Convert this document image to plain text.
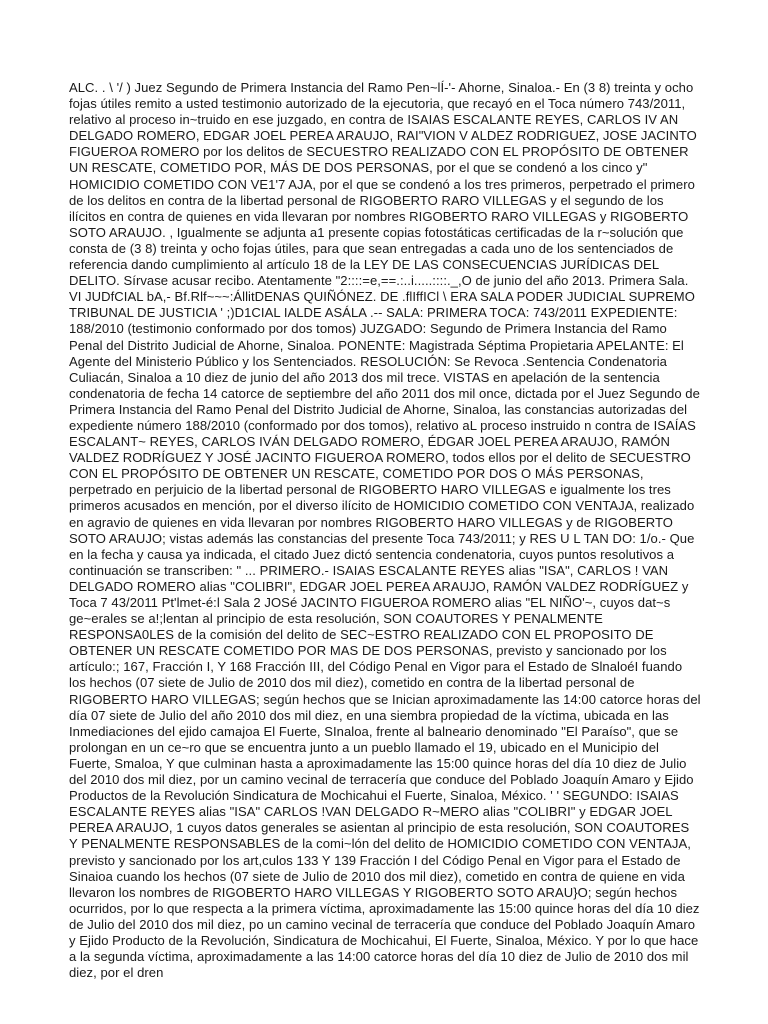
ALC. . \ '/ ) Juez Segundo de Primera Instancia del Ramo Pen~lÍ-'- Ahorne, Sinaloa.- En (3 8) treinta y ocho fojas útiles remito a usted testimonio autorizado de la ejecutoria, que recayó en el Toca número 743/2011, relativo al proceso in~truido en ese juzgado, en contra de ISAIAS ESCALANTE REYES, CARLOS IV AN DELGADO ROMERO, EDGAR JOEL PEREA ARAUJO, RAI"VION V ALDEZ RODRIGUEZ, JOSE JACINTO FIGUEROA ROMERO por los delitos de SECUESTRO REALIZADO CON EL PROPÓSITO DE OBTENER UN RESCATE, COMETIDO POR, MÁS DE DOS PERSONAS, por el que se condenó a los cinco y" HOMICIDIO COMETIDO CON VE1'7 AJA, por el que se condenó a los tres primeros, perpetrado el primero de los delitos en contra de la libertad personal de RIGOBERTO RARO VILLEGAS y el segundo de los ilícitos en contra de quienes en vida llevaran por nombres RIGOBERTO RARO VILLEGAS y RIGOBERTO SOTO ARAUJO. , Igualmente se adjunta a1 presente copias fotostáticas certificadas de la r~solución que consta de (3 8) treinta y ocho fojas útiles, para que sean entregadas a cada uno de los sentenciados de referencia dando cumplimiento al artículo 18 de la LEY DE LAS CONSECUENCIAS JURÍDICAS DEL DELITO. Sírvase acusar recibo. Atentamente "2::::=e,==.:..i.....::::._,O de junio del año 2013. Primera Sala. VI JUDfCIAL bA,- Bf.Rlf~~~:ÁllitDENAS QUIÑÓNEZ. DE .flIffICl \ ERA SALA PODER JUDICIAL SUPREMO TRIBUNAL DE JUSTICIA ' ;)D1CIAL IALDE ASÁLA .-- SALA: PRIMERA TOCA: 743/2011 EXPEDIENTE: 188/2010 (testimonio conformado por dos tomos) JUZGADO: Segundo de Primera Instancia del Ramo Penal del Distrito Judicial de Ahorne, Sinaloa. PONENTE: Magistrada Séptima Propietaria APELANTE: El Agente del Ministerio Público y los Sentenciados. RESOLUCIÓN: Se Revoca .Sentencia Condenatoria Culiacán, Sinaloa a 10 diez de junio del año 2013 dos mil trece. VISTAS en apelación de la sentencia condenatoria de fecha 14 catorce de septiembre del año 2011 dos mil once, dictada por el Juez Segundo de Primera Instancia del Ramo Penal del Distrito Judicial de Ahorne, Sinaloa, las constancias autorizadas del expediente número 188/2010 (conformado por dos tomos), relativo aL proceso instruido n contra de ISAÍAS ESCALANT~ REYES, CARLOS IVÁN DELGADO ROMERO, ÉDGAR JOEL PEREA ARAUJO, RAMÓN VALDEZ RODRÍGUEZ Y JOSÉ JACINTO FIGUEROA ROMERO, todos ellos por el delito de SECUESTRO CON EL PROPÓSITO DE OBTENER UN RESCATE, COMETIDO POR DOS O MÁS PERSONAS, perpetrado en perjuicio de la libertad personal de RIGOBERTO HARO VILLEGAS e igualmente los tres primeros acusados en mención, por el diverso ilícito de HOMICIDIO COMETIDO CON VENTAJA, realizado en agravio de quienes en vida llevaran por nombres RIGOBERTO HARO VILLEGAS y de RIGOBERTO SOTO ARAUJO; vistas además las constancias del presente Toca 743/2011; y RES U L TAN DO: 1/o.- Que en la fecha y causa ya indicada, el citado Juez dictó sentencia condenatoria, cuyos puntos resolutivos a continuación se transcriben: " ... PRIMERO.- ISAIAS ESCALANTE REYES alias "ISA", CARLOS ! VAN DELGADO ROMERO alias "COLIBRI", EDGAR JOEL PEREA ARAUJO, RAMÓN VALDEZ RODRÍGUEZ y Toca 7 43/2011 Pt'lmet-é:l Sala 2 JOSé JACINTO FIGUEROA ROMERO alias "EL NIÑO'~, cuyos dat~s ge~erales se a!;lentan al principio de esta resolución, SON COAUTORES Y PENALMENTE RESPONSA0LES de la comisión del delito de SEC~ESTRO REALIZADO CON EL PROPOSITO DE OBTENER UN RESCATE COMETIDO POR MAS DE DOS PERSONAS, previsto y sancionado por los artículo:; 167, Fracción I, Y 168 Fracción III, del Código Penal en Vigor para el Estado de SlnaloéI fuando los hechos (07 siete de Julio de 2010 dos mil diez), cometido en contra de la libertad personal de RIGOBERTO HARO VILLEGAS; según hechos que se Inician aproximadamente las 14:00 catorce horas del día 07 siete de Julio del año 2010 dos mil diez, en una siembra propiedad de la víctima, ubicada en las Inmediaciones del ejido camajoa El Fuerte, SInaloa, frente al balneario denominado "El Paraíso", que se prolongan en un ce~ro que se encuentra junto a un pueblo llamado el 19, ubicado en el Municipio del Fuerte, Smaloa, Y que culminan hasta a aproximadamente las 15:00 quince horas del día 10 diez de Julio del 2010 dos mil diez, por un camino vecinal de terracería que conduce del Poblado Joaquín Amaro y Ejido Productos de la Revolución Sindicatura de Mochicahui el Fuerte, Sinaloa, México. ' ' SEGUNDO: ISAIAS ESCALANTE REYES alias "ISA" CARLOS !VAN DELGADO R~MERO alias "COLIBRI" y EDGAR JOEL PEREA ARAUJO, 1 cuyos datos generales se asientan al principio de esta resolución, SON COAUTORES Y PENALMENTE RESPONSABLES de la comi~lón del delito de HOMICIDIO COMETIDO CON VENTAJA, previsto y sancionado por los art,culos 133 Y 139 Fracción I del Código Penal en Vigor para el Estado de Sinaioa cuando los hechos (07 siete de Julio de 2010 dos mil diez), cometido en contra de quiene en vida llevaron los nombres de RIGOBERTO HARO VILLEGAS Y RIGOBERTO SOTO ARAU}O; según hechos ocurridos, por lo que respecta a la primera víctima, aproximadamente las 15:00 quince horas del día 10 diez de Julio del 2010 dos mil diez, po un camino vecinal de terracería que conduce del Poblado Joaquín Amaro y Ejido Producto de la Revolución, Sindicatura de Mochicahui, El Fuerte, Sinaloa, México. Y por lo que hace a la segunda víctima, aproximadamente a las 14:00 catorce horas del día 10 diez de Julio de 2010 dos mil diez, por el dren
